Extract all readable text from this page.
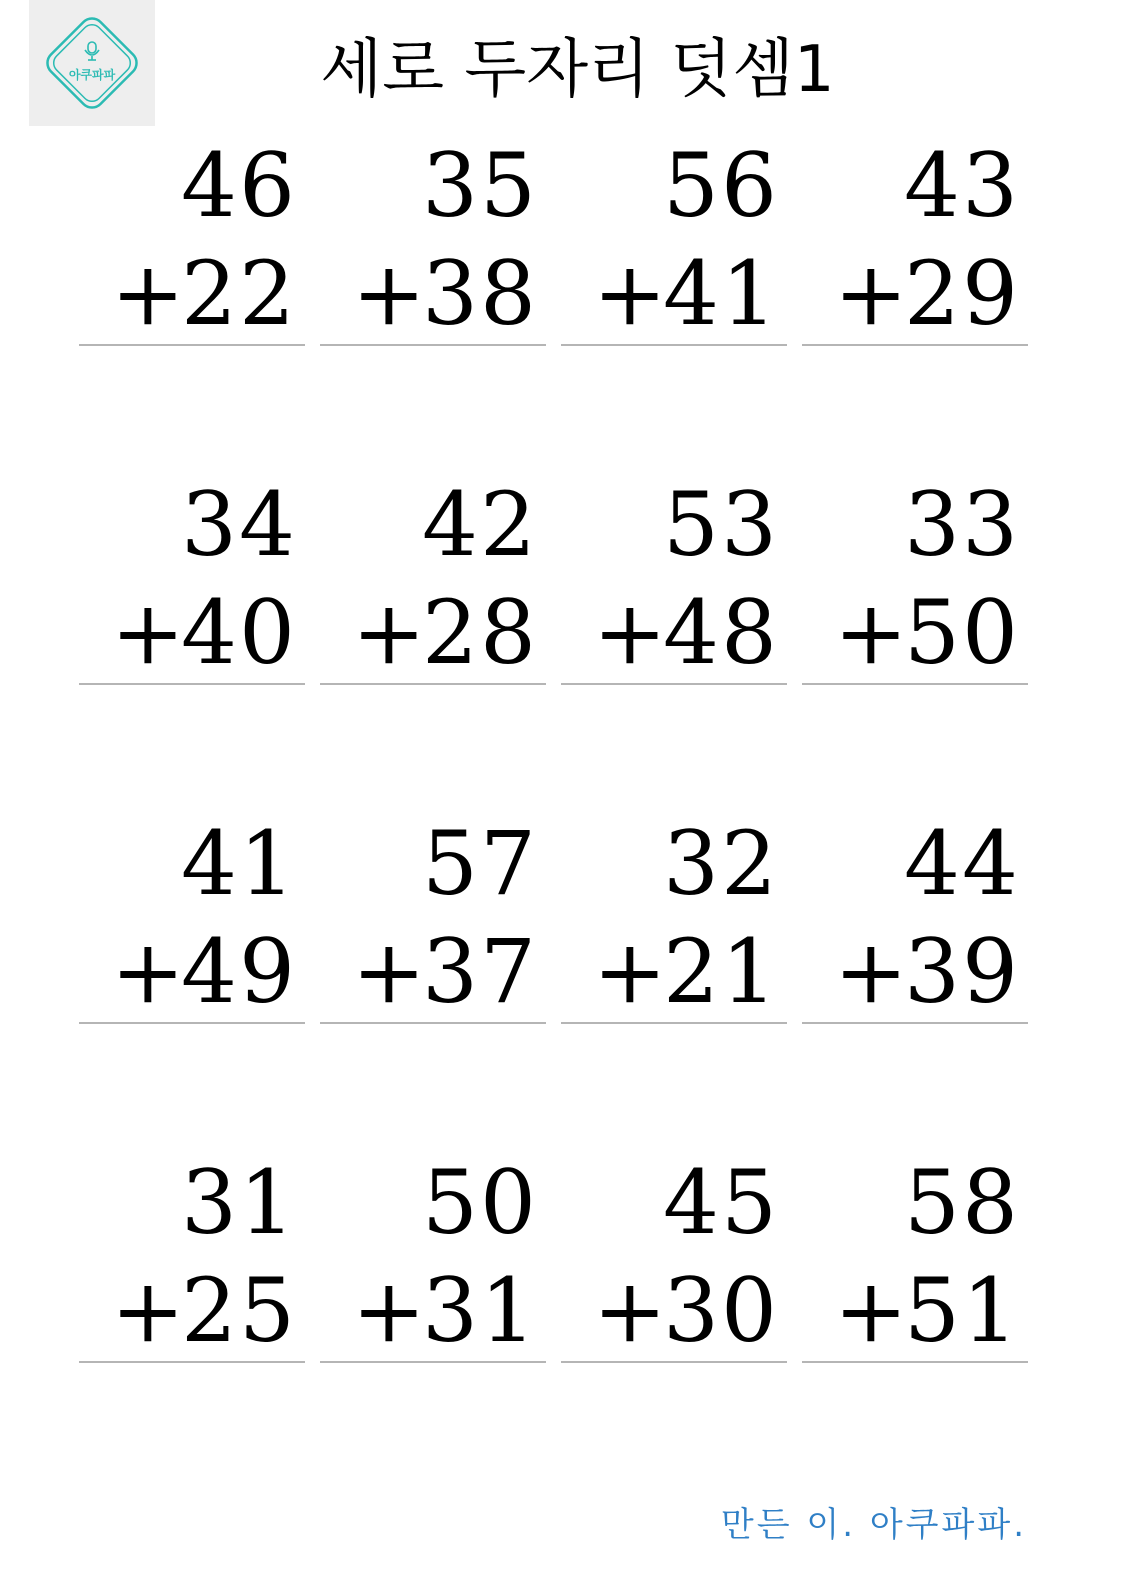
아쿠파파	세로 두자리 덧셈1
46
+
22
35
+
38
56
+
41
43
+
29
34
+
40
42
+
28
53
+
48
33
+
50
41
+
49
57
+
37
32
+
21
44
+
39
31
+
25
50
+
31
45
+
30
58
+
51
만든 이. 아쿠파파.
